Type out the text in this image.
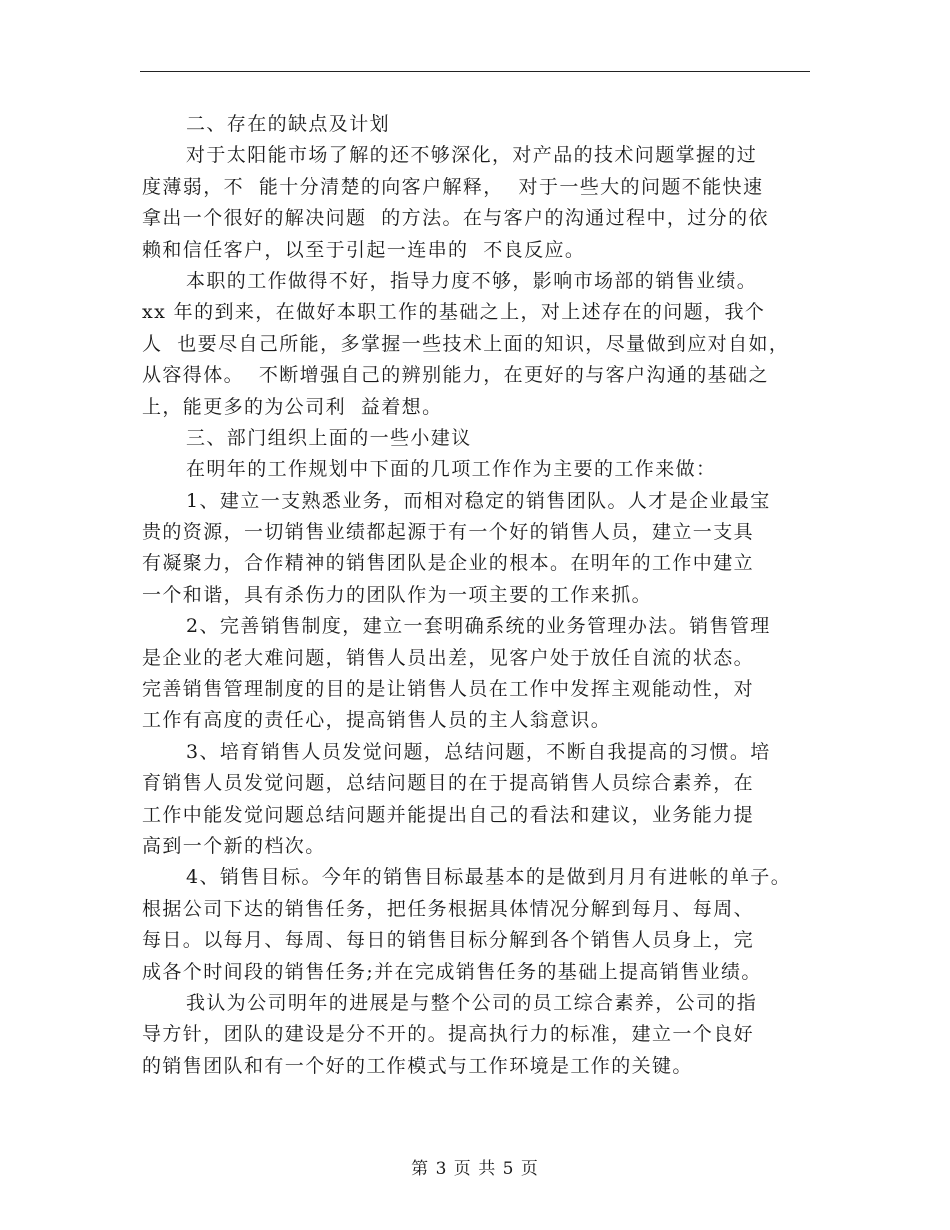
二、存在的缺点及计划
对于太阳能市场了解的还不够深化，对产品的技术问题掌握的过
度薄弱，不  能十分清楚的向客户解释，  对于一些大的问题不能快速
拿出一个很好的解决问题  的方法。在与客户的沟通过程中，过分的依
赖和信任客户，以至于引起一连串的  不良反应。
本职的工作做得不好，指导力度不够，影响市场部的销售业绩。
xx 年的到来，在做好本职工作的基础之上，对上述存在的问题，我个
人  也要尽自己所能，多掌握一些技术上面的知识，尽量做到应对自如，
从容得体。  不断增强自己的辨别能力，在更好的与客户沟通的基础之
上，能更多的为公司利  益着想。
三、部门组织上面的一些小建议
在明年的工作规划中下面的几项工作作为主要的工作来做：
1、建立一支熟悉业务，而相对稳定的销售团队。人才是企业最宝
贵的资源，一切销售业绩都起源于有一个好的销售人员，建立一支具
有凝聚力，合作精神的销售团队是企业的根本。在明年的工作中建立
一个和谐，具有杀伤力的团队作为一项主要的工作来抓。
2、完善销售制度，建立一套明确系统的业务管理办法。销售管理
是企业的老大难问题，销售人员出差，见客户处于放任自流的状态。
完善销售管理制度的目的是让销售人员在工作中发挥主观能动性，对
工作有高度的责任心，提高销售人员的主人翁意识。
3、培育销售人员发觉问题，总结问题，不断自我提高的习惯。培
育销售人员发觉问题，总结问题目的在于提高销售人员综合素养，在
工作中能发觉问题总结问题并能提出自己的看法和建议，业务能力提
高到一个新的档次。
4、销售目标。今年的销售目标最基本的是做到月月有进帐的单子。
根据公司下达的销售任务，把任务根据具体情况分解到每月、每周、
每日。以每月、每周、每日的销售目标分解到各个销售人员身上，完
成各个时间段的销售任务;并在完成销售任务的基础上提高销售业绩。
我认为公司明年的进展是与整个公司的员工综合素养，公司的指
导方针，团队的建设是分不开的。提高执行力的标准，建立一个良好
的销售团队和有一个好的工作模式与工作环境是工作的关键。
第 3 页 共 5 页
